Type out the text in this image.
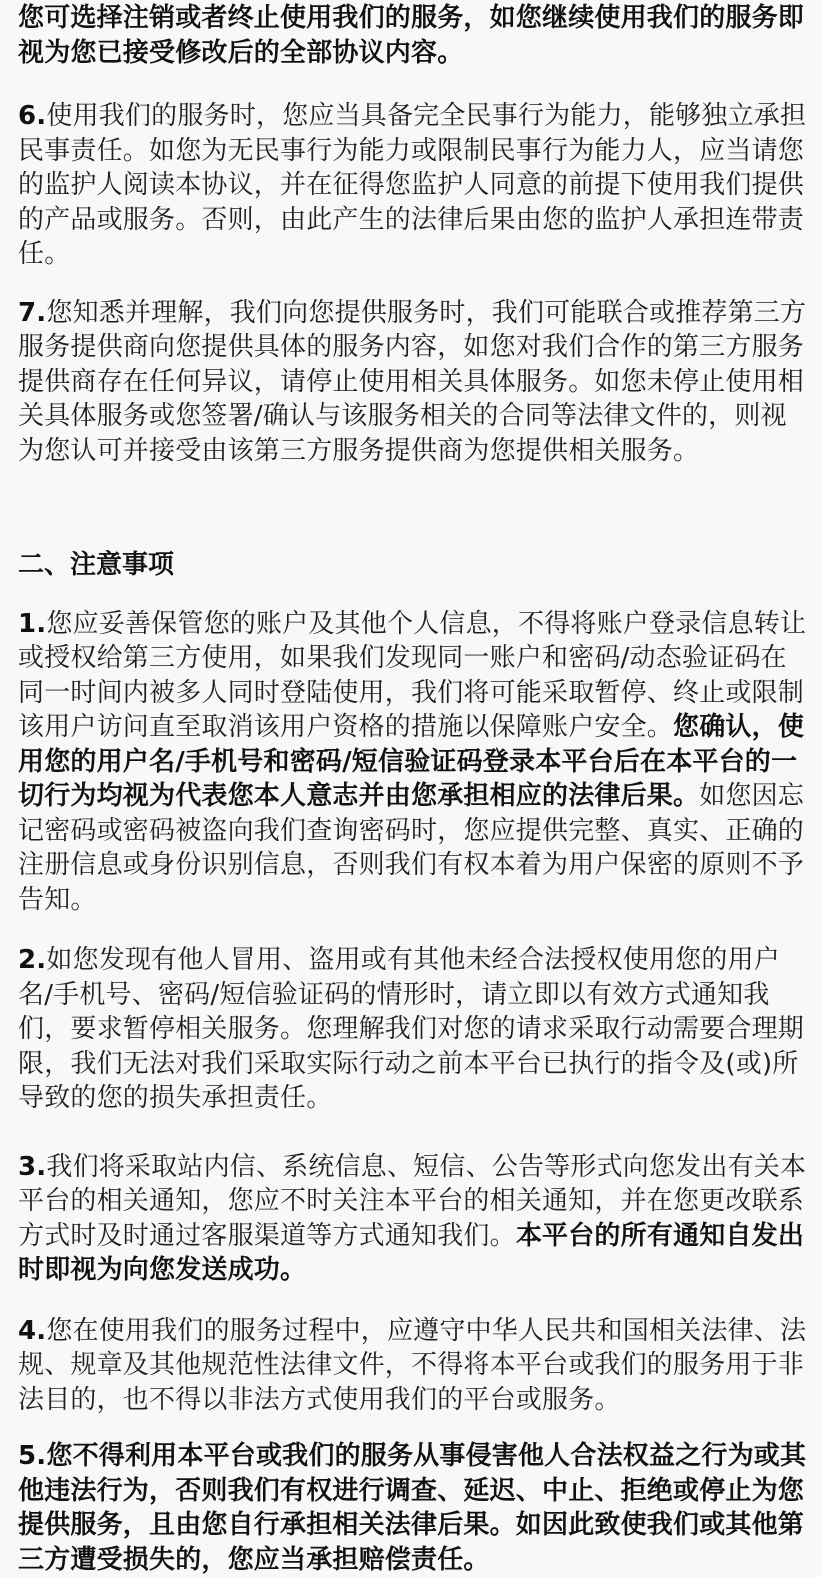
您可选择注销或者终止使用我们的服务，如您继续使用我们的服务即视为您已接受修改后的全部协议内容。

6.使用我们的服务时，您应当具备完全民事行为能力，能够独立承担民事责任。如您为无民事行为能力或限制民事行为能力人，应当请您的监护人阅读本协议，并在征得您监护人同意的前提下使用我们提供的产品或服务。否则，由此产生的法律后果由您的监护人承担连带责任。

7.您知悉并理解，我们向您提供服务时，我们可能联合或推荐第三方服务提供商向您提供具体的服务内容，如您对我们合作的第三方服务提供商存在任何异议，请停止使用相关具体服务。如您未停止使用相关具体服务或您签署/确认与该服务相关的合同等法律文件的，则视为您认可并接受由该第三方服务提供商为您提供相关服务。

二、注意事项

1.您应妥善保管您的账户及其他个人信息，不得将账户登录信息转让或授权给第三方使用，如果我们发现同一账户和密码/动态验证码在同一时间内被多人同时登陆使用，我们将可能采取暂停、终止或限制该用户访问直至取消该用户资格的措施以保障账户安全。您确认，使用您的用户名/手机号和密码/短信验证码登录本平台后在本平台的一切行为均视为代表您本人意志并由您承担相应的法律后果。如您因忘记密码或密码被盗向我们查询密码时，您应提供完整、真实、正确的注册信息或身份识别信息，否则我们有权本着为用户保密的原则不予告知。

2.如您发现有他人冒用、盗用或有其他未经合法授权使用您的用户名/手机号、密码/短信验证码的情形时，请立即以有效方式通知我们，要求暂停相关服务。您理解我们对您的请求采取行动需要合理期限，我们无法对我们采取实际行动之前本平台已执行的指令及(或)所导致的您的损失承担责任。

3.我们将采取站内信、系统信息、短信、公告等形式向您发出有关本平台的相关通知，您应不时关注本平台的相关通知，并在您更改联系方式时及时通过客服渠道等方式通知我们。本平台的所有通知自发出时即视为向您发送成功。

4.您在使用我们的服务过程中，应遵守中华人民共和国相关法律、法规、规章及其他规范性法律文件，不得将本平台或我们的服务用于非法目的，也不得以非法方式使用我们的平台或服务。

5.您不得利用本平台或我们的服务从事侵害他人合法权益之行为或其他违法行为，否则我们有权进行调查、延迟、中止、拒绝或停止为您提供服务，且由您自行承担相关法律后果。如因此致使我们或其他第三方遭受损失的，您应当承担赔偿责任。
